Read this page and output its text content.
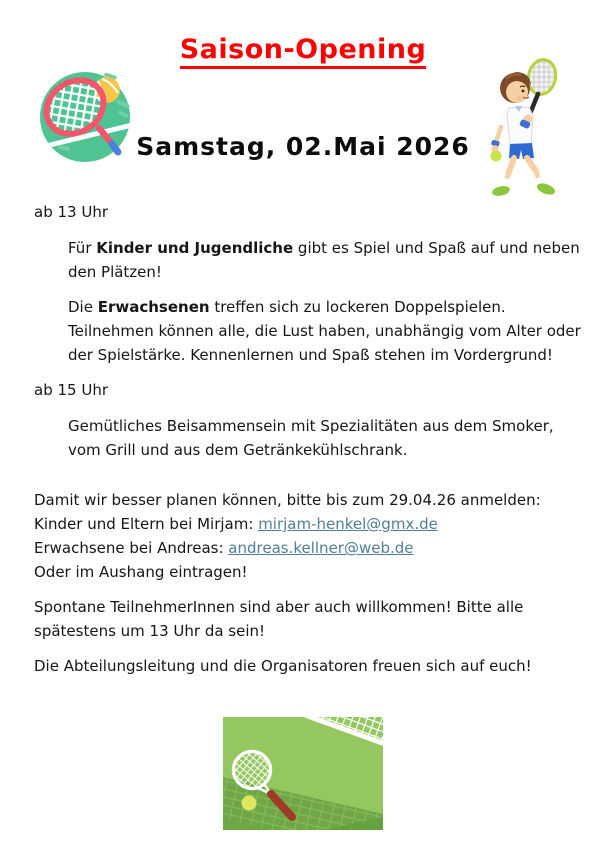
Saison-Opening
Samstag, 02.Mai 2026
ab 13 Uhr

Für Kinder und Jugendliche gibt es Spiel und Spaß auf und neben den Plätzen!

Die Erwachsenen treffen sich zu lockeren Doppelspielen. Teilnehmen können alle, die Lust haben, unabhängig vom Alter oder der Spielstärke. Kennenlernen und Spaß stehen im Vordergrund!

ab 15 Uhr

Gemütliches Beisammensein mit Spezialitäten aus dem Smoker, vom Grill und aus dem Getränkekühlschrank.

Damit wir besser planen können, bitte bis zum 29.04.26 anmelden:
Kinder und Eltern bei Mirjam: mirjam-henkel@gmx.de
Erwachsene bei Andreas: andreas.kellner@web.de
Oder im Aushang eintragen!

Spontane TeilnehmerInnen sind aber auch willkommen! Bitte alle spätestens um 13 Uhr da sein!

Die Abteilungsleitung und die Organisatoren freuen sich auf euch!
